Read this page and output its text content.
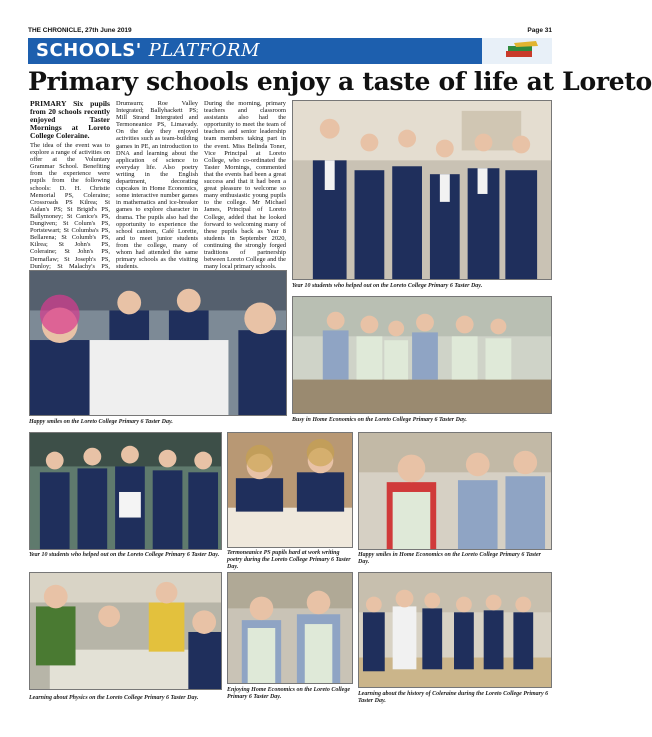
THE CHRONICLE, 27th June 2019	Page 31
SCHOOLS' PLATFORM
Primary schools enjoy a taste of life at Loreto

PRIMARY Six pupils from 20 schools recently enjoyed Taster Mornings at Loreto College Coleraine.

The idea of the event was to explore a range of activities on offer at the Voluntary Grammar School. Benefiting from the experience were pupils from the following schools: D. H. Christie Memorial PS, Coleraine; Crossroads PS Kilrea; St Aidan's PS; St Brigid's PS, Ballymoney; St Canice's PS, Dungiven; St Colum's PS, Portstewart; St Columba's PS, Bellarena; St Columb's PS, Kilrea; St John's PS, Coleraine; St John's PS, Dernaflaw; St Joseph's PS, Dunloy; St Malachy's PS,

Drumsurn; Roe Valley Integrated; Ballyhackett PS; Mill Strand Intergrated and Termoneanice PS, Limavady. On the day they enjoyed activities such as team-building games in PE, an introduction to DNA and learning about the application of science to everyday life. Also poetry writing in the English department, decorating cupcakes in Home Economics, some interactive number games in mathematics and ice-breaker games to explore character in drama. The pupils also had the opportunity to experience the school canteen, Café Lorette, and to meet junior students from the college, many of whom had attended the same primary schools as the visiting students.

During the morning, primary teachers and classroom assistants also had the opportunity to meet the team of teachers and senior leadership team members taking part in the event. Miss Belinda Toner, Vice Principal at Loreto College, who co-ordinated the Taster Mornings, commented that the events had been a great success and that it had been a great pleasure to welcome so many enthusiastic young pupils to the college. Mr Michael James, Principal of Loreto College, added that he looked forward to welcoming many of these pupils back as Year 8 students in September 2020, continuing the strongly forged traditions of partnership between Loreto College and the many local primary schools.

Year 10 students who helped out on the Loreto College Primary 6 Taster Day.
Happy smiles on the Loreto College Primary 6 Taster Day.	Busy in Home Economics on the Loreto College Primary 6 Taster Day.
Year 10 students who helped out on the Loreto College Primary 6 Taster Day.	Termoneanice PS pupils hard at work writing poetry during the Loreto College Primary 6 Taster Day.
Happy smiles in Home Economics on the Loreto College Primary 6 Taster Day.
Learning about Physics on the Loreto College Primary 6 Taster Day.
Enjoying Home Economics on the Loreto College Primary 6 Taster Day.	Learning about the history of Coleraine during the Loreto College Primary 6 Taster Day.
